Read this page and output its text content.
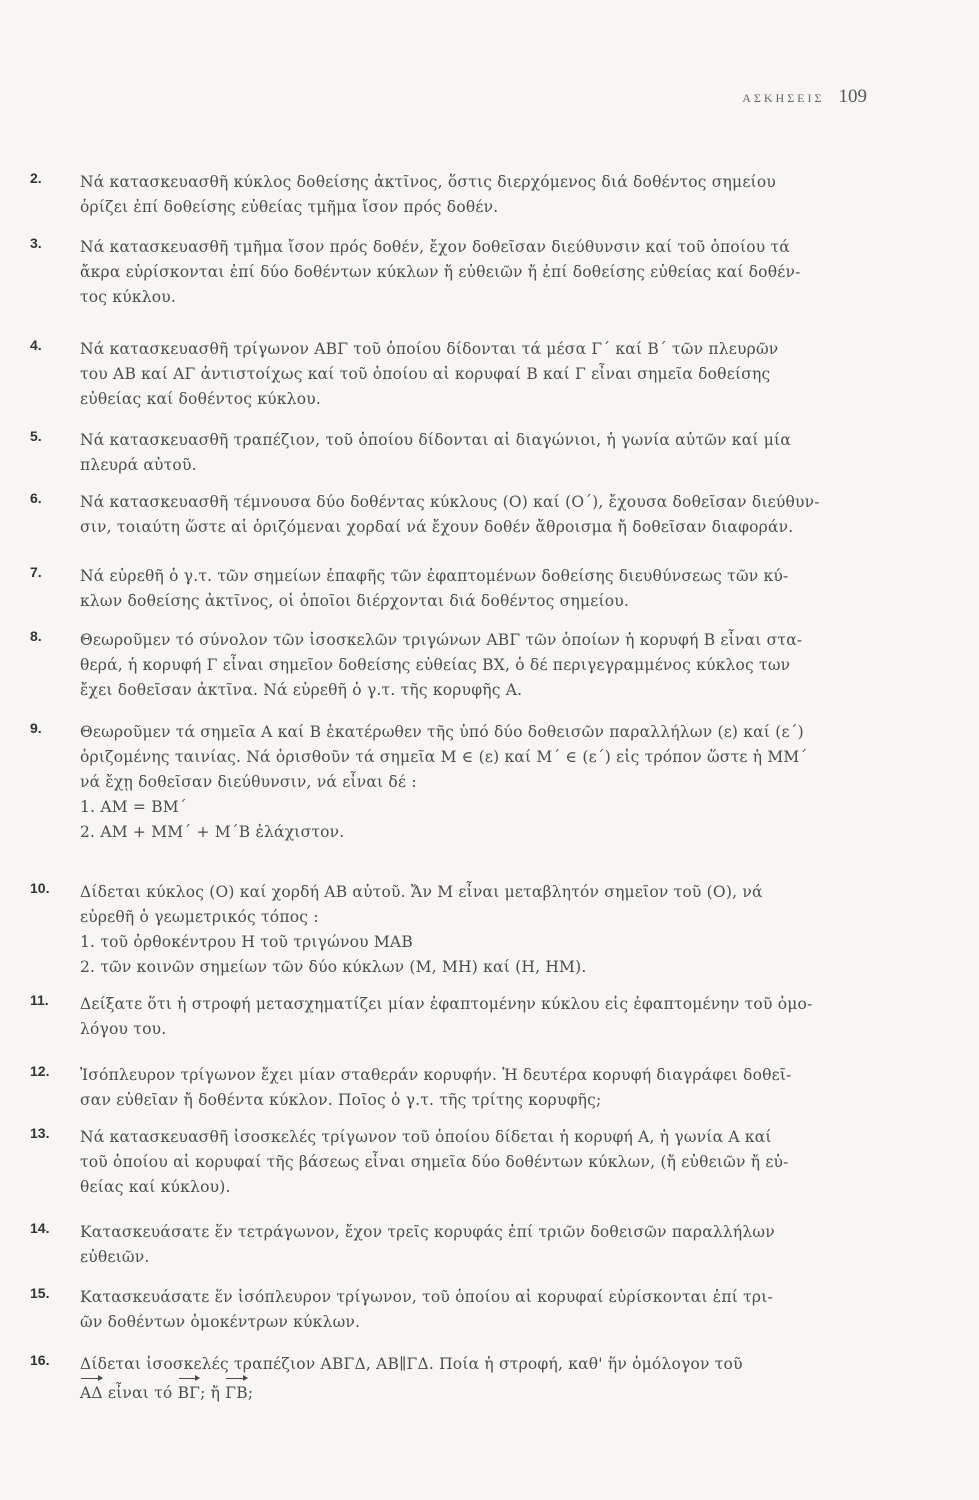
ΑΣΚΗΣΕΙΣ 109
2. Νά κατασκευασθῆ κύκλος δοθείσης ἀκτῖνος, ὅστις διερχόμενος διά δοθέντος σημείου
ὁρίζει ἐπί δοθείσης εὐθείας τμῆμα ἴσον πρός δοθέν.
3. Νά κατασκευασθῆ τμῆμα ἴσον πρός δοθέν, ἔχον δοθεῖσαν διεύθυνσιν καί τοῦ ὁποίου τά
ἄκρα εὑρίσκονται ἐπί δύο δοθέντων κύκλων ἤ εὐθειῶν ἤ ἐπί δοθείσης εὐθείας καί δοθέν-
τος κύκλου.
4. Νά κατασκευασθῆ τρίγωνον ΑΒΓ τοῦ ὁποίου δίδονται τά μέσα Γ΄ καί Β΄ τῶν πλευρῶν
του ΑΒ καί ΑΓ ἀντιστοίχως καί τοῦ ὁποίου αἱ κορυφαί Β καί Γ εἶναι σημεῖα δοθείσης
εὐθείας καί δοθέντος κύκλου.
5. Νά κατασκευασθῆ τραπέζιον, τοῦ ὁποίου δίδονται αἱ διαγώνιοι, ἡ γωνία αὐτῶν καί μία
πλευρά αὐτοῦ.
6. Νά κατασκευασθῆ τέμνουσα δύο δοθέντας κύκλους (Ο) καί (Ο΄), ἔχουσα δοθεῖσαν διεύθυν-
σιν, τοιαύτη ὥστε αἱ ὁριζόμεναι χορδαί νά ἔχουν δοθέν ἄθροισμα ἤ δοθεῖσαν διαφοράν.
7. Νά εὑρεθῆ ὁ γ.τ. τῶν σημείων ἐπαφῆς τῶν ἐφαπτομένων δοθείσης διευθύνσεως τῶν κύ-
κλων δοθείσης ἀκτῖνος, οἱ ὁποῖοι διέρχονται διά δοθέντος σημείου.
8. Θεωροῦμεν τό σύνολον τῶν ἰσοσκελῶν τριγώνων ΑΒΓ τῶν ὁποίων ἡ κορυφή Β εἶναι στα-
θερά, ἡ κορυφή Γ εἶναι σημεῖον δοθείσης εὐθείας ΒΧ, ὁ δέ περιγεγραμμένος κύκλος των
ἔχει δοθεῖσαν ἀκτῖνα. Νά εὑρεθῆ ὁ γ.τ. τῆς κορυφῆς Α.
9. Θεωροῦμεν τά σημεῖα Α καί Β ἑκατέρωθεν τῆς ὑπό δύο δοθεισῶν παραλλήλων (ε) καί (ε΄)
ὁριζομένης ταινίας. Νά ὁρισθοῦν τά σημεῖα Μ ∈ (ε) καί Μ΄ ∈ (ε΄) εἰς τρόπον ὥστε ἡ ΜΜ΄
νά ἔχῃ δοθεῖσαν διεύθυνσιν, νά εἶναι δέ :
1. ΑΜ = ΒΜ΄
2. ΑΜ + ΜΜ΄ + Μ΄Β ἐλάχιστον.
10. Δίδεται κύκλος (Ο) καί χορδή ΑΒ αὐτοῦ. Ἄν Μ εἶναι μεταβλητόν σημεῖον τοῦ (Ο), νά
εὑρεθῆ ὁ γεωμετρικός τόπος :
1. τοῦ ὀρθοκέντρου Η τοῦ τριγώνου ΜΑΒ
2. τῶν κοινῶν σημείων τῶν δύο κύκλων (Μ, ΜΗ) καί (Η, ΗΜ).
11. Δείξατε ὅτι ἡ στροφή μετασχηματίζει μίαν ἐφαπτομένην κύκλου εἰς ἐφαπτομένην τοῦ ὁμο-
λόγου του.
12. Ἰσόπλευρον τρίγωνον ἔχει μίαν σταθεράν κορυφήν. Ἡ δευτέρα κορυφή διαγράφει δοθεῖ-
σαν εὐθεῖαν ἤ δοθέντα κύκλον. Ποῖος ὁ γ.τ. τῆς τρίτης κορυφῆς;
13. Νά κατασκευασθῆ ἰσοσκελές τρίγωνον τοῦ ὁποίου δίδεται ἡ κορυφή Α, ἡ γωνία Α καί
τοῦ ὁποίου αἱ κορυφαί τῆς βάσεως εἶναι σημεῖα δύο δοθέντων κύκλων, (ἤ εὐθειῶν ἤ εὐ-
θείας καί κύκλου).
14. Κατασκευάσατε ἕν τετράγωνον, ἔχον τρεῖς κορυφάς ἐπί τριῶν δοθεισῶν παραλλήλων
εὐθειῶν.
15. Κατασκευάσατε ἕν ἰσόπλευρον τρίγωνον, τοῦ ὁποίου αἱ κορυφαί εὑρίσκονται ἐπί τρι-
ῶν δοθέντων ὁμοκέντρων κύκλων.
16. Δίδεται ἰσοσκελές τραπέζιον ΑΒΓΔ, ΑΒ∥ΓΔ. Ποία ἡ στροφή, καθ' ἥν ὁμόλογον τοῦ
ΑΔ εἶναι τό ΒΓ; ἤ ΓΒ;
